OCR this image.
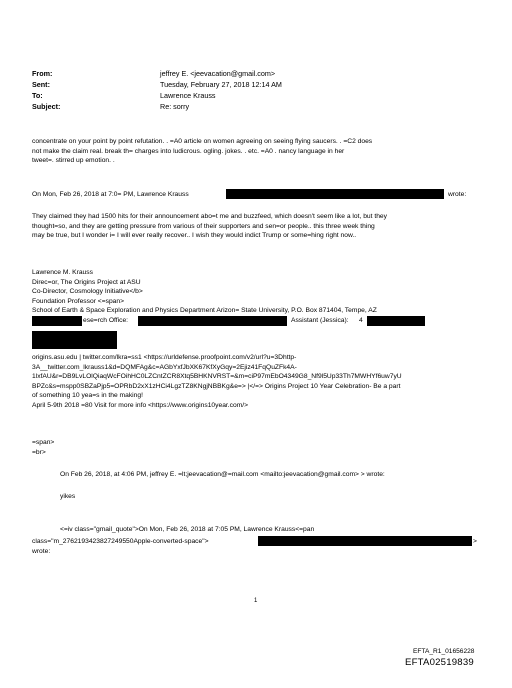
From:	jeffrey E. <jeevacation@gmail.com>
Sent:	Tuesday, February 27, 2018 12:14 AM
To:	Lawrence Krauss
Subject:	Re: sorry
concentrate on your point by point refutation. . =A0 article on women agreeing on seeing flying saucers. . =C2 does
not make the claim real. break th= charges into ludicrous. ogling. jokes. . etc. =A0 . nancy language in her
tweet=. stirred up emotion. .
On Mon, Feb 26, 2018 at 7:0= PM, Lawrence Krauss	wrote:
They claimed they had 1500 hits for their announcement abo=t me and buzzfeed, which doesn't seem like a lot, but they
thought=so, and they are getting pressure from various of their supporters and sen=or people.. this three week thing
may be true, but I wonder i= I will ever really recover.. I wish they would indict Trump or some=hing right now..
Lawrence M. Krauss
Direc=or, The Origins Project at ASU
Co-Director, Cosmology Initiative</b>
Foundation Professor <=span>
School of Earth & Space Exploration and Physics Department Arizon= State University, P.O. Box 871404, Tempe, AZ
ese=rch Office:	Assistant (Jessica): 4
origins.asu.edu | twitter.com/lkra=ss1 <https://urldefense.proofpoint.com/v2/url?u=3Dhttp-
3A__twitter.com_lkrauss1&d=DQMFAg&c=AGbYxfJbXK67KfXyGqy=2Ejiz41FqQuZFk4A-
1lxfAU&r=DB9LvLOlQiaqWcFOihHC0LZCntZCR8Xtq5BHKNVRST=&m=ciP97mEbO4349G8_Nf9l5Up33Th7MWHYf6uw7yU
BPZc&s=mspp0SBZaPjp5=OPRbD2xX1zHCi4LgzTZ8KNgjNBBKg&e=> |</=> Origins Project 10 Year Celebration- Be a part
of something 10 yea=s in the making!
April 5-9th 2018 =80 Visit for more info <https://www.origins10year.com/>
=span>
=br>
On Feb 26, 2018, at 4:06 PM, jeffrey E. =lt;jeevacation@=mail.com <mailto:jeevacation@gmail.com> > wrote:
yikes
<=iv class="gmail_quote">On Mon, Feb 26, 2018 at 7:05 PM, Lawrence Krauss<=pan
class="m_2762193423827249550Apple-converted-space">	>
wrote:
1
EFTA_R1_01656228
EFTA02519839
